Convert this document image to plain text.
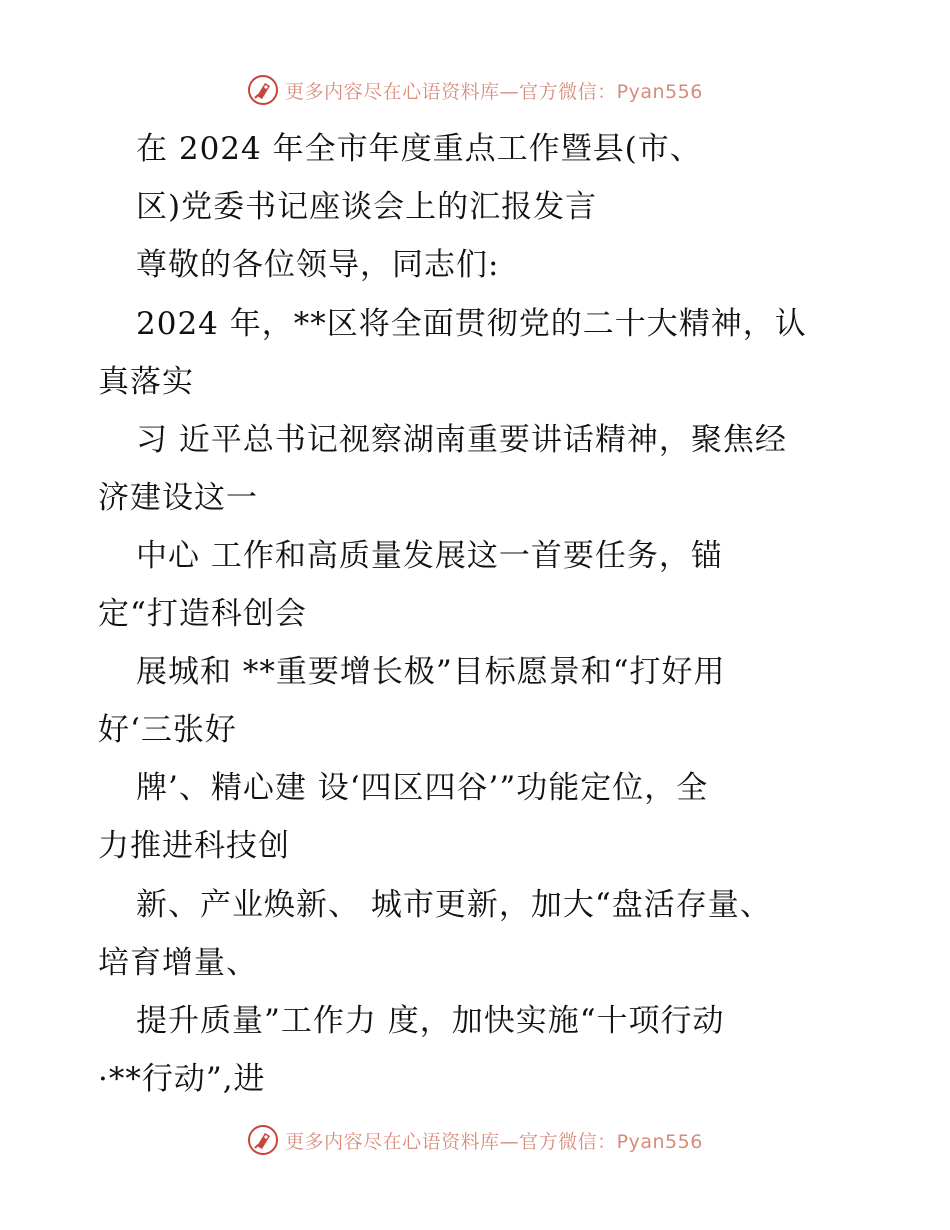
更多内容尽在心语资料库—官方微信：Pyan556
在 2024 年全市年度重点工作暨县(市、
区)党委书记座谈会上的汇报发言
尊敬的各位领导，同志们:
2024 年，**区将全面贯彻党的二十大精神，认
真落实
习 近平总书记视察湖南重要讲话精神，聚焦经
济建设这一
中心 工作和高质量发展这一首要任务，锚
定“打造科创会
展城和 **重要增长极”目标愿景和“打好用
好‘三张好
牌’、精心建 设‘四区四谷’”功能定位，全
力推进科技创
新、产业焕新、 城市更新，加大“盘活存量、
培育增量、
提升质量”工作力 度，加快实施“十项行动
·**行动”,进
更多内容尽在心语资料库—官方微信：Pyan556
